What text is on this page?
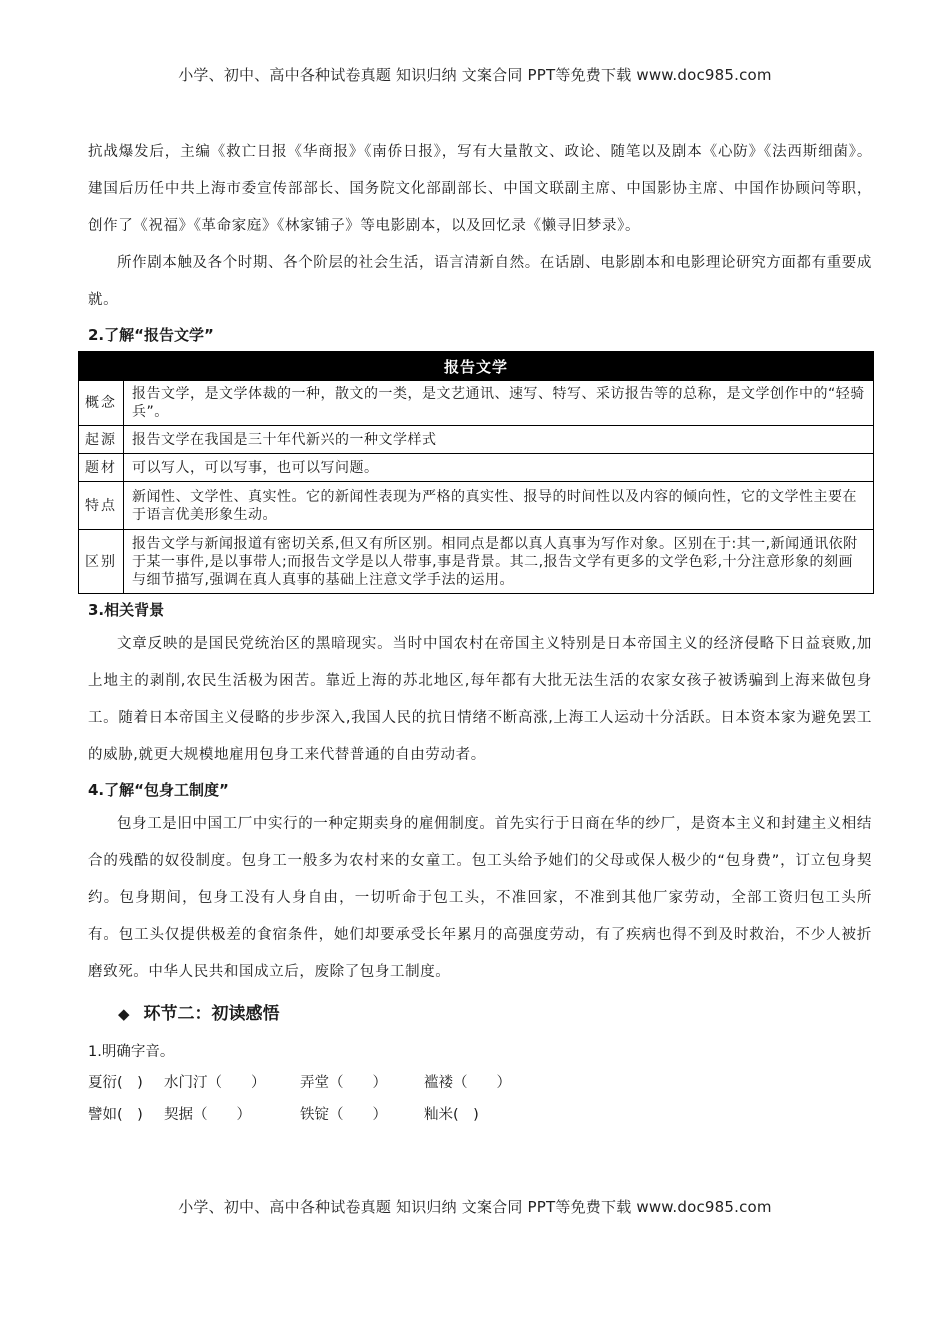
小学、初中、高中各种试卷真题 知识归纳 文案合同 PPT等免费下载 www.doc985.com

抗战爆发后，主编《救亡日报《华商报》《南侨日报》，写有大量散文、政论、随笔以及剧本《心防》《法西斯细菌》。建国后历任中共上海市委宣传部部长、国务院文化部副部长、中国文联副主席、中国影协主席、中国作协顾问等职，创作了《祝福》《革命家庭》《林家铺子》等电影剧本，以及回忆录《懒寻旧梦录》。

所作剧本触及各个时期、各个阶层的社会生活，语言清新自然。在话剧、电影剧本和电影理论研究方面都有重要成就。

2.了解“报告文学”
报告文学	
概念	报告文学，是文学体裁的一种，散文的一类，是文艺通讯、速写、特写、采访报告等的总称，是文学创作中的“轻骑兵”。
起源	报告文学在我国是三十年代新兴的一种文学样式
题材	可以写人，可以写事，也可以写问题。
特点	新闻性、文学性、真实性。它的新闻性表现为严格的真实性、报导的时间性以及内容的倾向性，它的文学性主要在于语言优美形象生动。
区别	报告文学与新闻报道有密切关系,但又有所区别。相同点是都以真人真事为写作对象。区别在于:其一,新闻通讯依附于某一事件,是以事带人;而报告文学是以人带事,事是背景。其二,报告文学有更多的文学色彩,十分注意形象的刻画与细节描写,强调在真人真事的基础上注意文学手法的运用。
3.相关背景

文章反映的是国民党统治区的黑暗现实。当时中国农村在帝国主义特别是日本帝国主义的经济侵略下日益衰败,加上地主的剥削,农民生活极为困苦。靠近上海的苏北地区,每年都有大批无法生活的农家女孩子被诱骗到上海来做包身工。随着日本帝国主义侵略的步步深入,我国人民的抗日情绪不断高涨,上海工人运动十分活跃。日本资本家为避免罢工的威胁,就更大规模地雇用包身工来代替普通的自由劳动者。

4.了解“包身工制度”

包身工是旧中国工厂中实行的一种定期卖身的雇佣制度。首先实行于日商在华的纱厂，是资本主义和封建主义相结合的残酷的奴役制度。包身工一般多为农村来的女童工。包工头给予她们的父母或保人极少的“包身费”，订立包身契约。包身期间，包身工没有人身自由，一切听命于包工头，不准回家，不准到其他厂家劳动，全部工资归包工头所有。包工头仅提供极差的食宿条件，她们却要承受长年累月的高强度劳动，有了疾病也得不到及时救治，不少人被折磨致死。中华人民共和国成立后，废除了包身工制度。

◆ 环节二：初读感悟

1.明确字音。

夏衍(　) 水门汀（　　） 弄堂（　　）	褴褛（　　）
譬如(　) 契据（　　）	铁锭（　　）	籼米(　)
小学、初中、高中各种试卷真题 知识归纳 文案合同 PPT等免费下载 www.doc985.com
